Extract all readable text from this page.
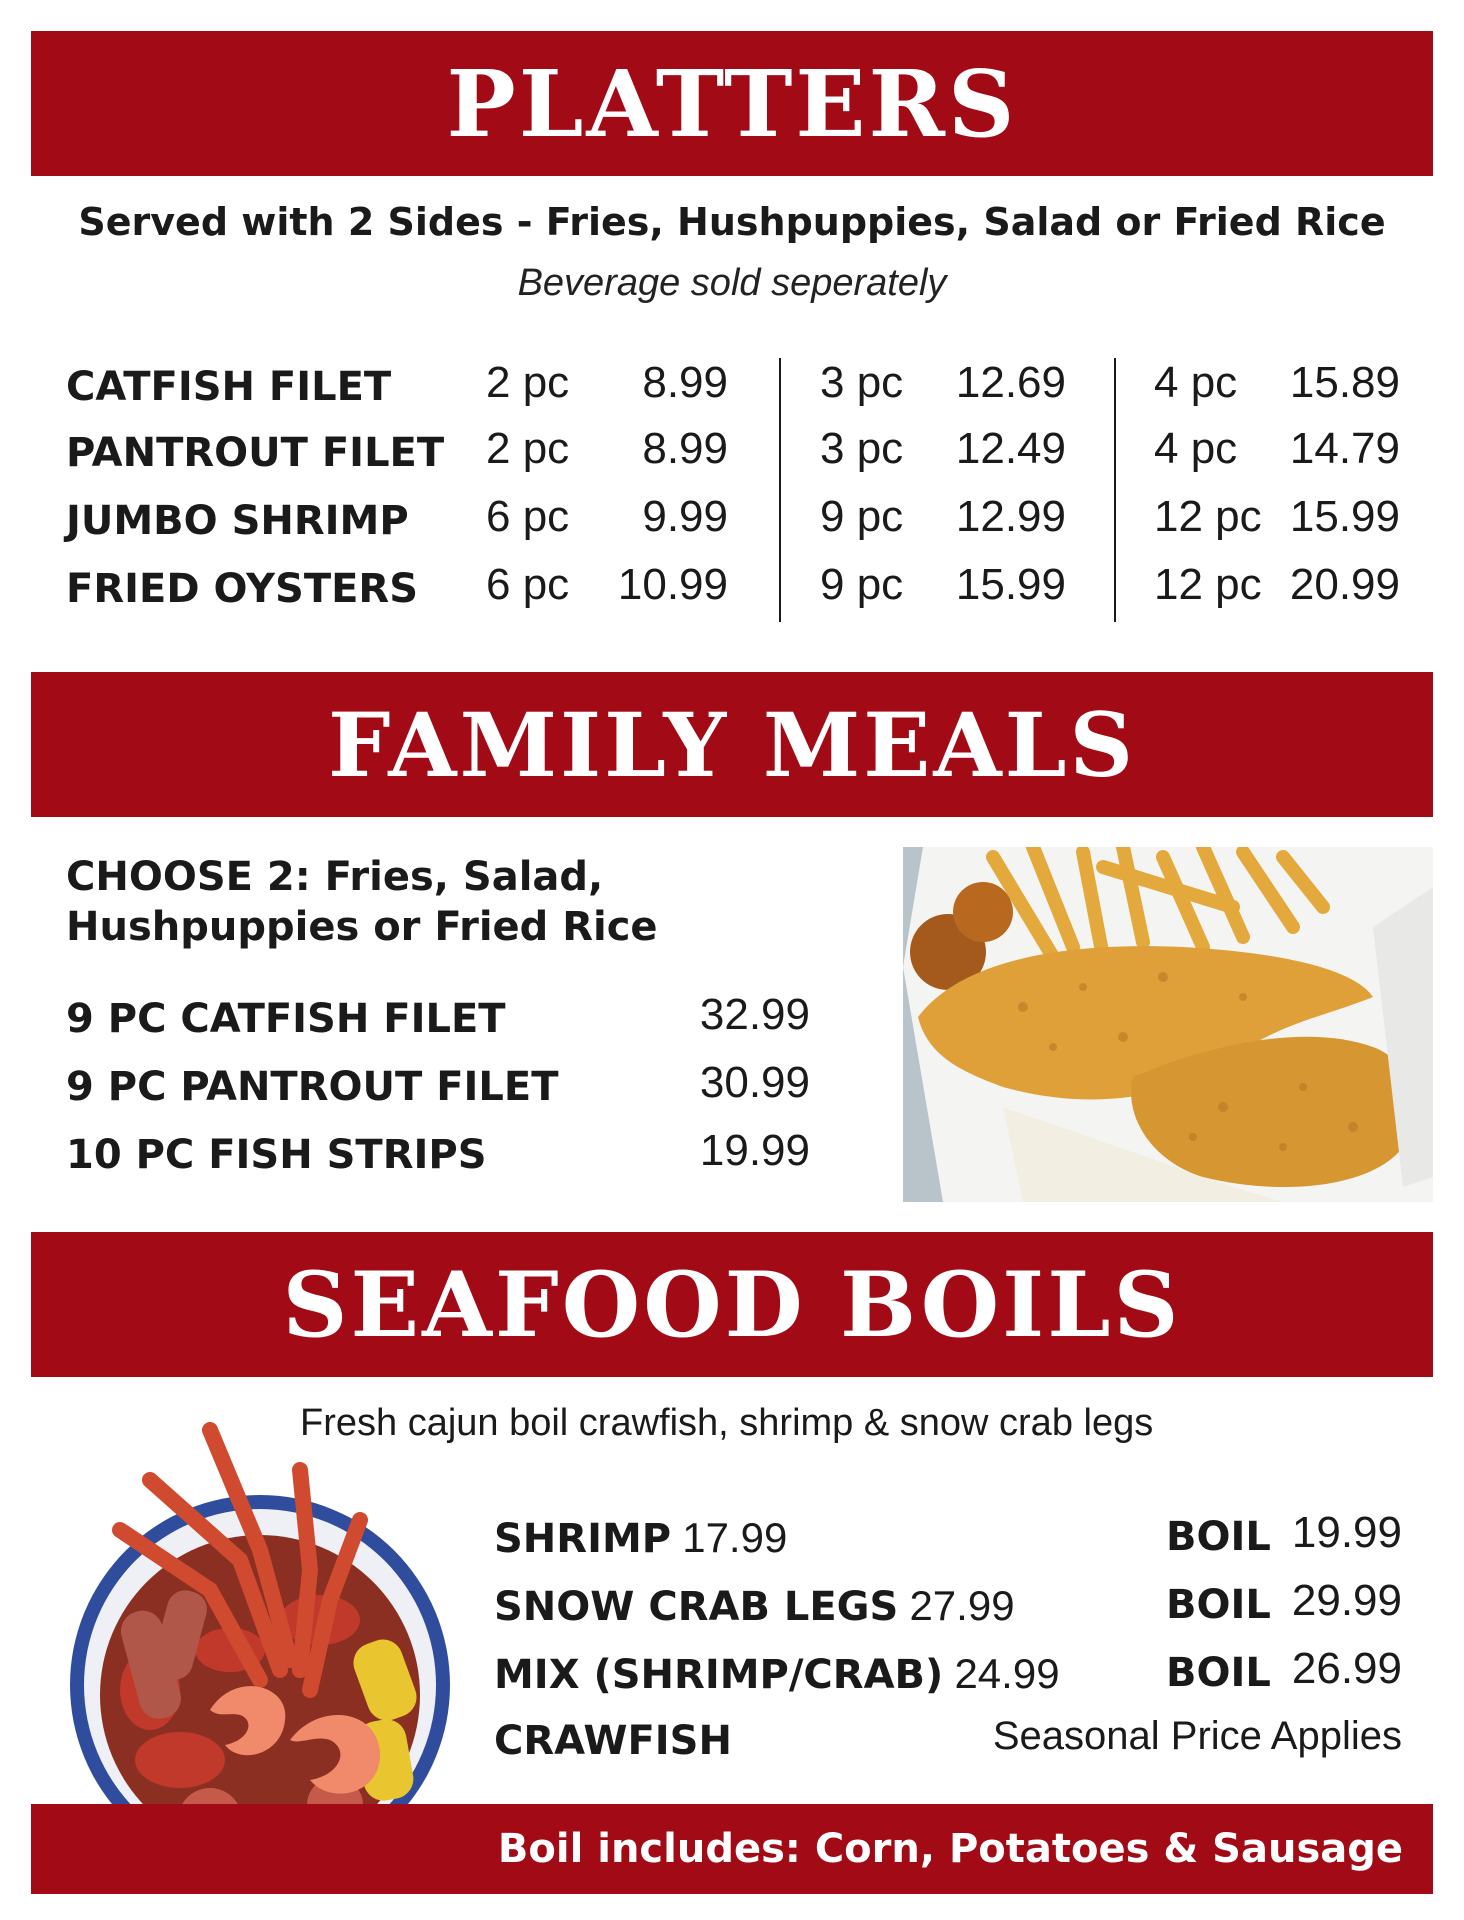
PLATTERS
Served with 2 Sides - Fries, Hushpuppies, Salad or Fried Rice
Beverage sold seperately
CATFISH FILET 2 pc 8.99 3 pc 12.69 4 pc 15.89
PANTROUT FILET 2 pc 8.99 3 pc 12.49 4 pc 14.79
JUMBO SHRIMP 6 pc 9.99 9 pc 12.99 12 pc 15.99
FRIED OYSTERS 6 pc 10.99 9 pc 15.99 12 pc 20.99
FAMILY MEALS
CHOOSE 2: Fries, Salad, Hushpuppies or Fried Rice
9 PC CATFISH FILET	32.99
9 PC PANTROUT FILET	30.99
10 PC FISH STRIPS	19.99
SEAFOOD BOILS
Fresh cajun boil crawfish, shrimp & snow crab legs
SHRIMP 17.99	BOIL 19.99
SNOW CRAB LEGS 27.99	BOIL 29.99
MIX (SHRIMP/CRAB) 24.99	BOIL 26.99
CRAWFISH	Seasonal Price Applies
Boil includes: Corn, Potatoes & Sausage
